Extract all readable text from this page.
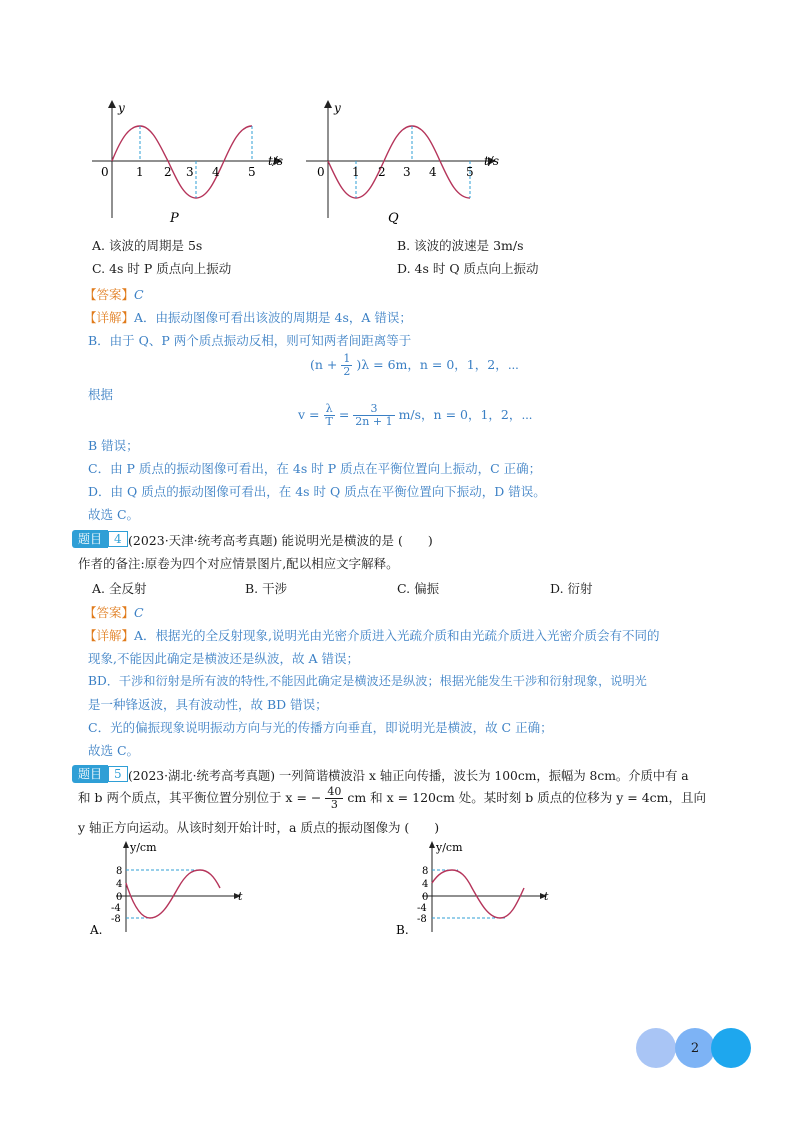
y
t/s
0 1 2 3 4 5
P
y
t/s
0 1 2 3 4 5
Q
A. 该波的周期是 5s	B. 该波的波速是 3m/s
C. 4s 时 P 质点向上振动	D. 4s 时 Q 质点向上振动
【答案】C
【详解】A．由振动图像可看出该波的周期是 4s，A 错误；
B．由于 Q、P 两个质点振动反相，则可知两者间距离等于
$(n + \frac{1}{2} )\lambda = 6m$，n = 0，1，2，⋯
根据
$v = \frac{\lambda}{T} = \frac{3}{2n + 1} m/s$，n = 0，1，2，⋯
B 错误；
C．由 P 质点的振动图像可看出，在 4s 时 P 质点在平衡位置向上振动，C 正确；
D．由 Q 质点的振动图像可看出，在 4s 时 Q 质点在平衡位置向下振动，D 错误。
故选 C。
题目	4 (2023·天津·统考高考真题) 能说明光是横波的是 (　　)
作者的备注:原卷为四个对应情景图片,配以相应文字解释。
A. 全反射	B. 干涉	C. 偏振	D. 衍射
【答案】C
【详解】A．根据光的全反射现象,说明光由光密介质进入光疏介质和由光疏介质进入光密介质会有不同的
现象,不能因此确定是横波还是纵波，故 A 错误；
BD．干涉和衍射是所有波的特性,不能因此确定是横波还是纵波；根据光能发生干涉和衍射现象，说明光
是一种锋返波，具有波动性，故 BD 错误；
C．光的偏振现象说明振动方向与光的传播方向垂直，即说明光是横波，故 C 正确；
故选 C。
题目	5 (2023·湖北·统考高考真题) 一列简谐横波沿 x 轴正向传播，波长为 100cm，振幅为 8cm。介质中有 a
和 b 两个质点，其平衡位置分别位于 x = − $\frac{40}{3}$ cm 和 x = 120cm 处。某时刻 b 质点的位移为 y = 4cm，且向
y 轴正方向运动。从该时刻开始计时，a 质点的振动图像为 (　　)
y/cm
t
8
4
0
-4
-8
A.
y/cm
t
8
4
0
-4
-8
B.
2
